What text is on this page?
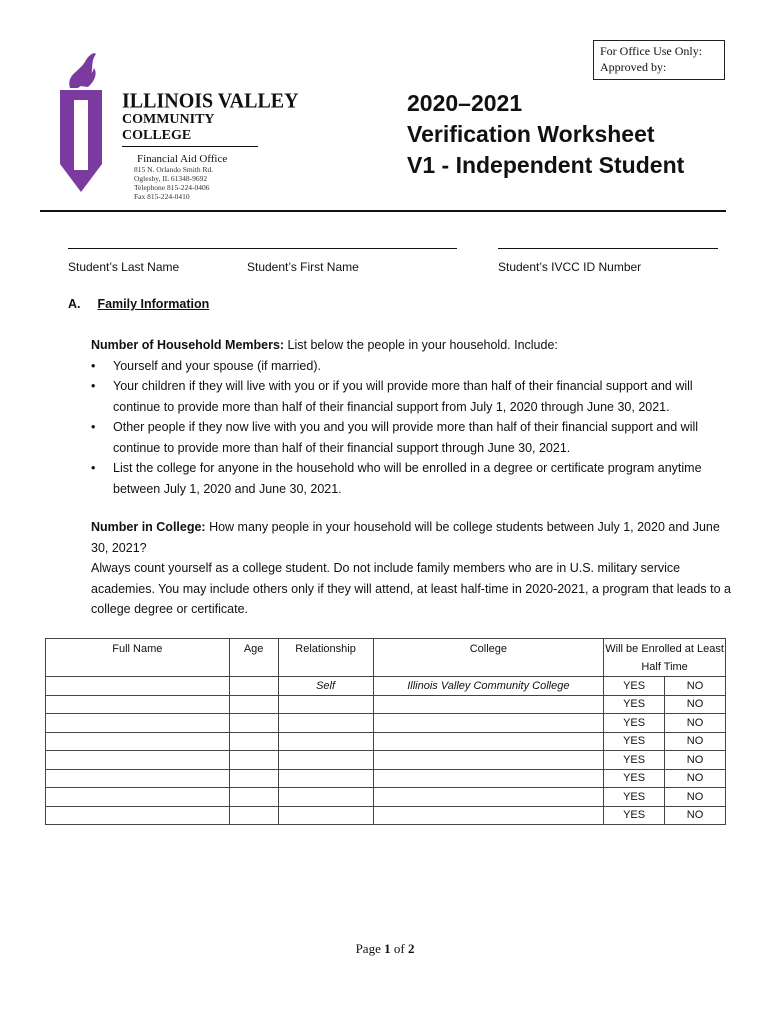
For Office Use Only:
Approved by:
ILLINOIS VALLEY
COMMUNITY COLLEGE
Financial Aid Office
815 N. Orlando Smith Rd.
Oglesby, IL 61348-9692
Telephone 815-224-0406
Fax 815-224-0410
2020–2021
Verification Worksheet
V1 - Independent Student
Student’s Last Name	Student’s First Name	Student’s IVCC ID Number
A. Family Information
Number of Household Members: List below the people in your household. Include:
• Yourself and your spouse (if married).
• Your children if they will live with you or if you will provide more than half of their financial support and will continue to provide more than half of their financial support from July 1, 2020 through June 30, 2021.
• Other people if they now live with you and you will provide more than half of their financial support and will continue to provide more than half of their financial support through June 30, 2021.
• List the college for anyone in the household who will be enrolled in a degree or certificate program anytime between July 1, 2020 and June 30, 2021.
Number in College: How many people in your household will be college students between July 1, 2020 and June 30, 2021?
Always count yourself as a college student. Do not include family members who are in U.S. military service academies. You may include others only if they will attend, at least half-time in 2020-2021, a program that leads to a college degree or certificate.
Full Name	Age	Relationship	College	Will be Enrolled at Least Half Time	
		Self	Illinois Valley Community College	YES	NO
				YES	NO
				YES	NO
				YES	NO
				YES	NO
				YES	NO
				YES	NO
				YES	NO
Page 1 of 2
